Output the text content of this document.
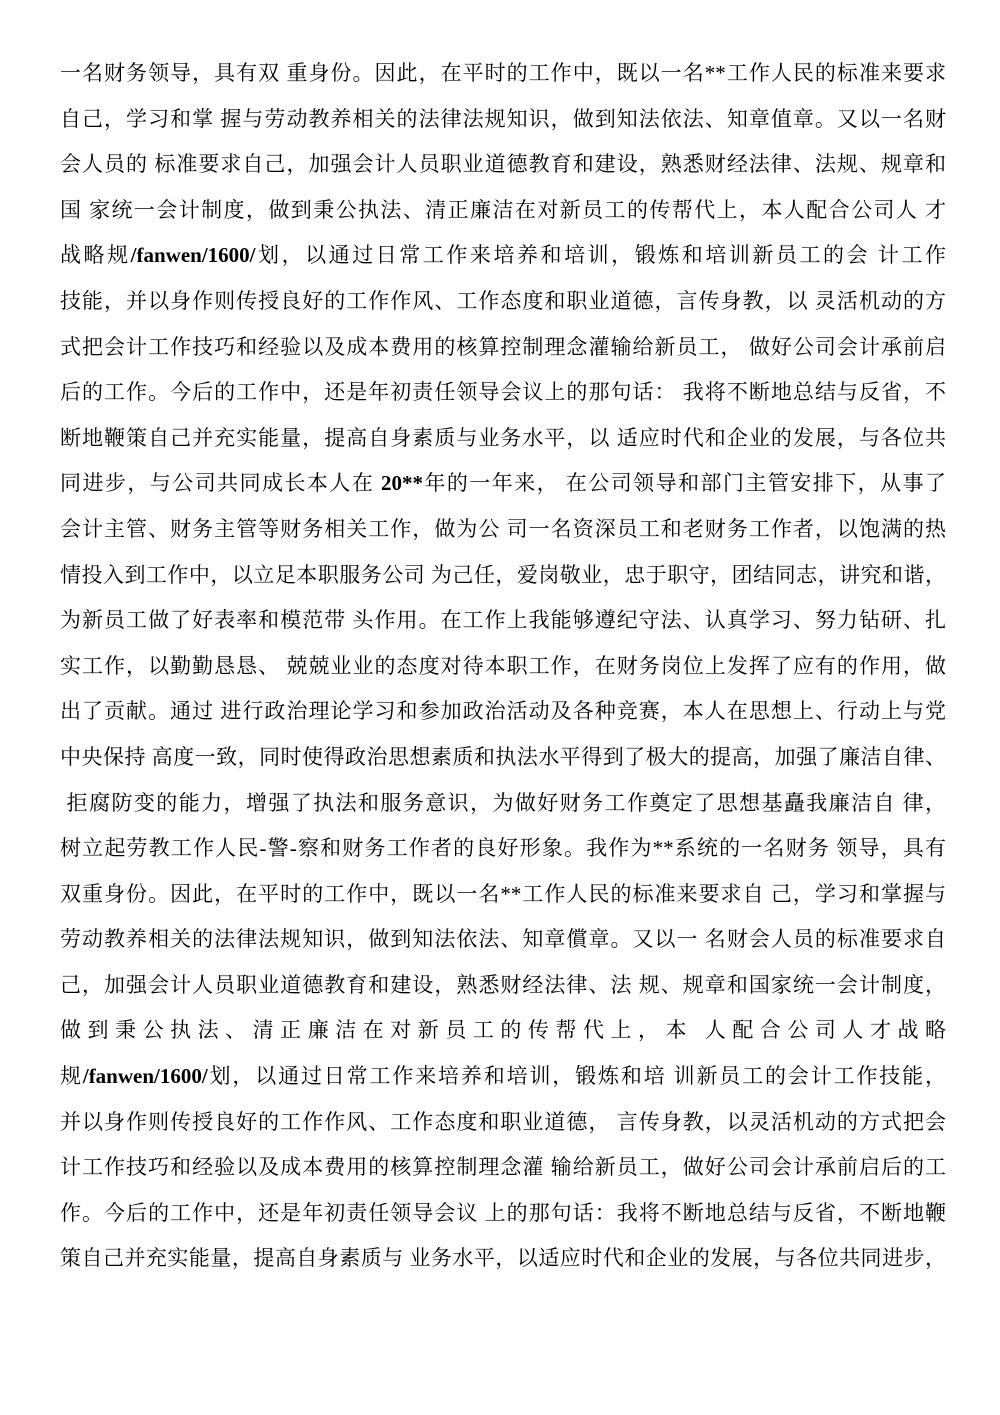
一名财务领导，具有双 重身份。因此，在平时的工作中，既以一名**工作人民的标准来要求
自己，学习和掌 握与劳动教养相关的法律法规知识，做到知法依法、知章值章。又以一名财
会人员的 标准要求自己，加强会计人员职业道德教育和建设，熟悉财经法律、法规、规章和
国 家统一会计制度，做到秉公执法、清正廉洁在对新员工的传帮代上，本人配合公司人 才
战略规/fanwen/1600/划，以通过日常工作来培养和培训，锻炼和培训新员工的会 计工作
技能，并以身作则传授良好的工作作风、工作态度和职业道德，言传身教，以 灵活机动的方
式把会计工作技巧和经验以及成本费用的核算控制理念灌输给新员工， 做好公司会计承前启
后的工作。今后的工作中，还是年初责任领导会议上的那句话： 我将不断地总结与反省，不
断地鞭策自己并充实能量，提高自身素质与业务水平，以 适应时代和企业的发展，与各位共
同进步，与公司共同成长本人在 20**年的一年来， 在公司领导和部门主管安排下，从事了
会计主管、财务主管等财务相关工作，做为公 司一名资深员工和老财务工作者，以饱满的热
情投入到工作中，以立足本职服务公司 为己任，爱岗敬业，忠于职守，团结同志，讲究和谐，
为新员工做了好表率和模范带 头作用。在工作上我能够遵纪守法、认真学习、努力钻研、扎
实工作，以勤勤恳恳、 兢兢业业的态度对待本职工作，在财务岗位上发挥了应有的作用，做
出了贡献。通过 进行政治理论学习和参加政治活动及各种竞赛，本人在思想上、行动上与党
中央保持 高度一致，同时使得政治思想素质和执法水平得到了极大的提高，加强了廉洁自律、
拒腐防变的能力，增强了执法和服务意识，为做好财务工作奠定了思想基矗我廉洁自 律，
树立起劳教工作人民-警-察和财务工作者的良好形象。我作为**系统的一名财务 领导，具有
双重身份。因此，在平时的工作中，既以一名**工作人民的标准来要求自 己，学习和掌握与
劳动教养相关的法律法规知识，做到知法依法、知章償章。又以一 名财会人员的标准要求自
己，加强会计人员职业道德教育和建设，熟悉财经法律、法 规、规章和国家统一会计制度，
做到秉公执法、清正廉洁在对新员工的传帮代上，本 人配合公司人才战略
规/fanwen/1600/划，以通过日常工作来培养和培训，锻炼和培 训新员工的会计工作技能，
并以身作则传授良好的工作作风、工作态度和职业道德， 言传身教，以灵活机动的方式把会
计工作技巧和经验以及成本费用的核算控制理念灌 输给新员工，做好公司会计承前启后的工
作。今后的工作中，还是年初责任领导会议 上的那句话：我将不断地总结与反省，不断地鞭
策自己并充实能量，提高自身素质与 业务水平，以适应时代和企业的发展，与各位共同进步，
